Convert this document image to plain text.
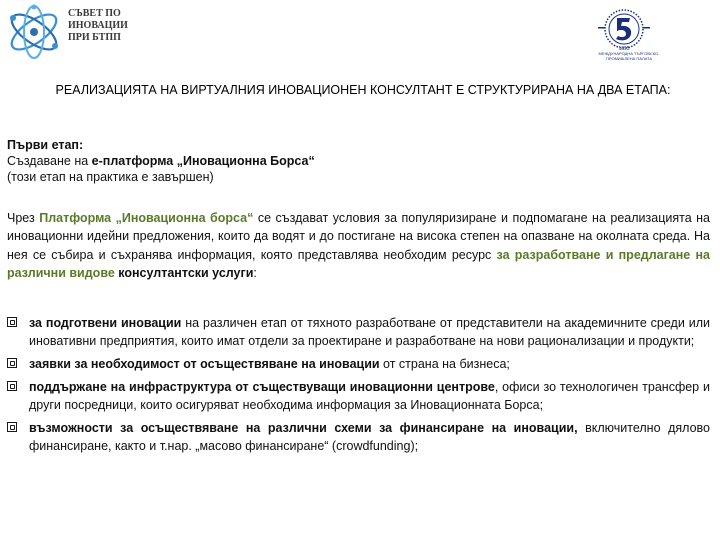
СЪВЕТ ПО
ИНОВАЦИИ
ПРИ БТПП
1895
МЕЖДУНАРОДНА ТЪРГОВСКО-ПРОМИШЛЕНА ПАЛАТА
РЕАЛИЗАЦИЯТА НА ВИРТУАЛНИЯ ИНОВАЦИОНЕН КОНСУЛТАНТ Е СТРУКТУРИРАНА НА ДВА ЕТАПА:
Първи етап:
Създаване на е-платформа „Иновационна Борса“
(този етап на практика е завършен)
Чрез Платформа „Иновационна борса“ се създават условия за популяризиране и подпомагане на реализацията на иновационни идейни предложения, които да водят и до постигане на висока степен на опазване на околната среда. На нея се събира и съхранява информация, която представлява необходим ресурс за разработване и предлагане на различни видове консултантски услуги:
за подготвени иновации на различен етап от тяхното разработване от представители на академичните среди или иновативни предприятия, които имат отдели за проектиране и разработване на нови рационализации и продукти;
заявки за необходимост от осъществяване на иновации от страна на бизнеса;
поддържане на инфраструктура от съществуващи иновационни центрове, офиси зо технологичен трансфер и други посредници, които осигуряват необходима информация за Иновационната Борса;
възможности за осъществяване на различни схеми за финансиране на иновации, включително дялово финансиране, както и т.нар. „масово финансиране“ (crowdfunding);
